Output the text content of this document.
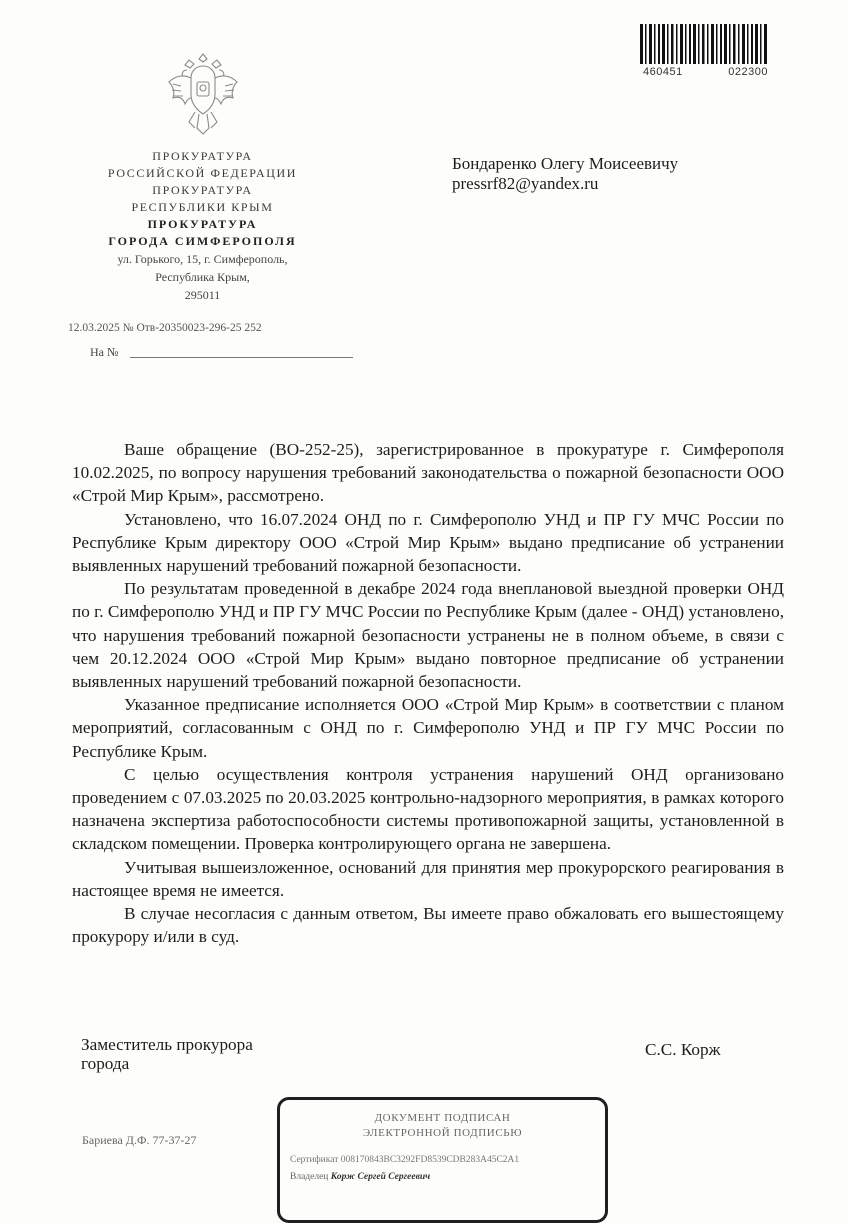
460451	022300
ПРОКУРАТУРА
РОССИЙСКОЙ ФЕДЕРАЦИИ
ПРОКУРАТУРА
РЕСПУБЛИКИ КРЫМ
ПРОКУРАТУРА
ГОРОДА СИМФЕРОПОЛЯ
ул. Горького, 15, г. Симферополь,
Республика Крым,
295011
12.03.2025 № Отв-20350023-296-25 252
На №
Бондаренко Олегу Моисеевичу
pressrf82@yandex.ru

Ваше обращение (ВО-252-25), зарегистрированное в прокуратуре г. Симферополя 10.02.2025, по вопросу нарушения требований законодательства о пожарной безопасности ООО «Строй Мир Крым», рассмотрено.

Установлено, что 16.07.2024 ОНД по г. Симферополю УНД и ПР ГУ МЧС России по Республике Крым директору ООО «Строй Мир Крым» выдано предписание об устранении выявленных нарушений требований пожарной безопасности.

По результатам проведенной в декабре 2024 года внеплановой выездной проверки ОНД по г. Симферополю УНД и ПР ГУ МЧС России по Республике Крым (далее - ОНД) установлено, что нарушения требований пожарной безопасности устранены не в полном объеме, в связи с чем 20.12.2024 ООО «Строй Мир Крым» выдано повторное предписание об устранении выявленных нарушений требований пожарной безопасности.

Указанное предписание исполняется ООО «Строй Мир Крым» в соответствии с планом мероприятий, согласованным с ОНД по г. Симферополю УНД и ПР ГУ МЧС России по Республике Крым.

С целью осуществления контроля устранения нарушений ОНД организовано проведением с 07.03.2025 по 20.03.2025 контрольно-надзорного мероприятия, в рамках которого назначена экспертиза работоспособности системы противопожарной защиты, установленной в складском помещении. Проверка контролирующего органа не завершена.

Учитывая вышеизложенное, оснований для принятия мер прокурорского реагирования в настоящее время не имеется.

В случае несогласия с данным ответом, Вы имеете право обжаловать его вышестоящему прокурору и/или в суд.

Заместитель прокурора
города
С.С. Корж
Бариева Д.Ф. 77-37-27
ДОКУМЕНТ ПОДПИСАН
ЭЛЕКТРОННОЙ ПОДПИСЬЮ
Сертификат 00817084ЗВС3292FD8539CDB283A45C2A1
Владелец Корж Сергей Сергеевич
